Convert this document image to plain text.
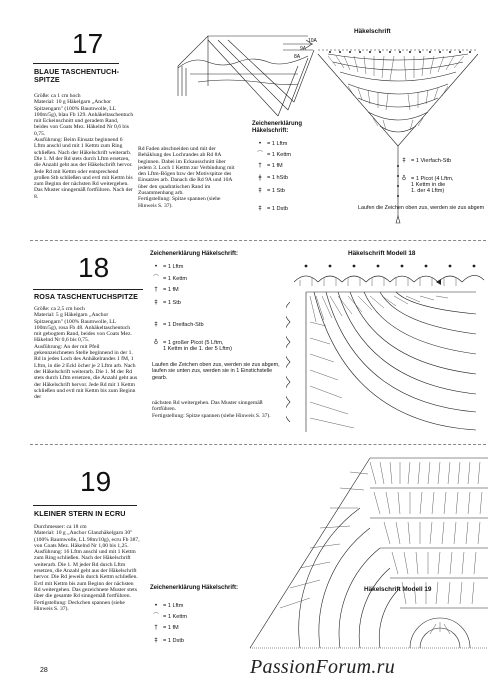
17
BLAUE TASCHENTUCH-
SPITZE
Größe: ca 1 cm hoch
Material: 10 g Häkelgarn „Anchor Spitzengarn" (100% Baumwolle, LL 100m/5g), blau Fb 129. Anhäkeltaschentuch mit Eckeinschnitt und geradem Rand, beides von Coats Mez. Häkelnd Nr 0,6 bis 0,75.
Ausführung: Beim Einsatz beginnend 6 Lftm anschl und mit 1 Kettm zum Ring schließen. Nach der Häkelschrift weiterarb. Die 1. M der Rd stets durch Lftm ersetzen, die Anzahl geht aus der Häkelschrift hervor. Jede Rd mit Kettm oder entsprechend großen Stb schließen und evtl mit Kettm bis zum Beginn der nächsten Rd weitergehen. Das Muster sinngemäß fortführen. Nach der 8.
Rd Faden abschneiden und mit der Behäklung des Lochrandes ab Rd 8A beginnen. Dabei im Eckausschnitt über jedem 3. Loch 1 Kettm zur Verbindung mit den Lftm-Bögen bzw der Motivspitze des Einsatzes arb. Danach die Rd 9A und 10A über den quadratischen Rand im Zusammenhang arb.
Fertigstellung: Spitze spannen (siehe Hinweis S. 37).
Häkelschrift
10A
9A
8A
Zeichenerklärung
Häkelschrift:
• = 1 Lftm
⌒ = 1 Kettm
† = 1 fM
ǂ	= 1 hStb
‡ = 1 Stb
‡ = 1 Dstb
‡ = 1 Vierfach-Stb
♁ = 1 Picot (4 Lftm,
1 Kettm in die
1. der 4 Lftm)
Laufen die Zeichen oben zus, werden sie zus abgem
18
ROSA TASCHENTUCHSPITZE
Größe: ca 2,5 cm hoch
Material: 5 g Häkelgarn „Anchor Spitzengarn" (100% Baumwolle, LL 100m/5g), rosa Fb 48. Anhäkeltaschentuch mit gebogtem Rand, beides von Coats Mez. Häkelnd Nr 0,6 bis 0,75.
Ausführung: An der mit Pfeil gekennzeichneten Stelle beginnend in der 1. Rd in jedes Loch des Anhäkelrandes 1 fM, 1 Lftm, in die 2 Eckl öcher je 2 Lftm arb. Nach der Häkelschrift weiterarb. Die 1. M der Rd stets durch Lftm ersetzen, die Anzahl geht aus der Häkelschrift hervor. Jede Rd mit 1 Kettm schließen und evtl mit Kettm bis zum Beginn der
Zeichenerklärung Häkelschrift:
• = 1 Lftm
⌒ = 1 Kettm
† = 1 fM
‡ = 1 Stb
‡ = 1 Dreifach-Stb
♁ = 1 großer Picot (5 Lftm,
1 Kettm in die 1. der 5 Lftm)
Laufen die Zeichen oben zus, werden sie zus abgem, laufen sie unten zus, werden sie in 1 Einstichstelle gearb.
nächsten Rd weitergehen. Das Muster sinngemäß fortführen.
Fertigstellung: Spitze spannen (siehe Hinweis S. 37).
Häkelschrift Modell 18
19
KLEINER STERN IN ECRU
Durchmesser: ca 18 cm
Material: 10 g „Anchor Glanzhäkelgarn 30" (100% Baumwolle, LL 98m/10g), ecru Fb 387, von Coats Mez. Häkelnd Nr 1,00 bis 1,25.
Ausführung: 16 Lftm anschl und mit 1 Kettm zum Ring schließen. Nach der Häkelschrift weiterarb. Die 1. M jeder Rd durch Lftm ersetzen, die Anzahl geht aus der Häkelschrift hervor. Die Rd jeweils durch Kettm schließen. Evtl mit Kettm bis zum Beginn der nächsten Rd weitergehen. Das gezeichnete Muster stets über die gesamte Rd sinngemäß fortführen.
Fertigstellung: Deckchen spannen (siehe Hinweis S. 37).
Zeichenerklärung Häkelschrift:
• = 1 Lftm
⌒ = 1 Kettm
† = 1 fM
‡ = 1 Dstb
Häkelschrift Modell 19
28	PassionForum.ru
